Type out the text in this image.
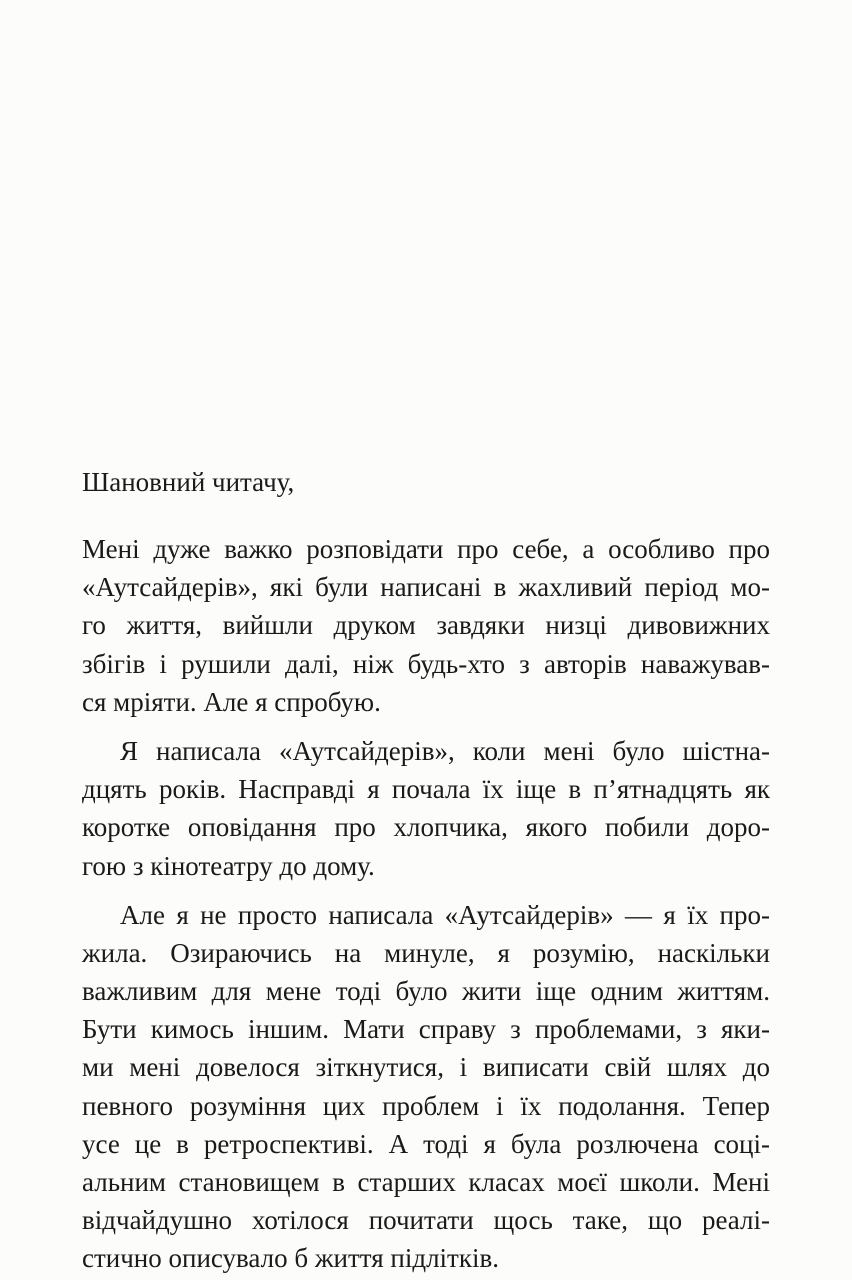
Шановний читачу,

Мені дуже важко розповідати про себе, а особливо про
«Аутсайдерів», які були написані в жахливий період мо-
го життя, вийшли друком завдяки низці дивовижних
збігів і рушили далі, ніж будь-хто з авторів наважував-
ся мріяти. Але я спробую.
Я написала «Аутсайдерів», коли мені було шістна-
дцять років. Насправді я почала їх іще в п’ятнадцять як
коротке оповідання про хлопчика, якого побили доро-
гою з кінотеатру до дому.
Але я не просто написала «Аутсайдерів» — я їх про-
жила. Озираючись на минуле, я розумію, наскільки
важливим для мене тоді було жити іще одним життям.
Бути кимось іншим. Мати справу з проблемами, з яки-
ми мені довелося зіткнутися, і виписати свій шлях до
певного розуміння цих проблем і їх подолання. Тепер
усе це в ретроспективі. А тоді я була розлючена соці-
альним становищем в старших класах моєї школи. Мені
відчайдушно хотілося почитати щось таке, що реалі-
стично описувало б життя підлітків.
